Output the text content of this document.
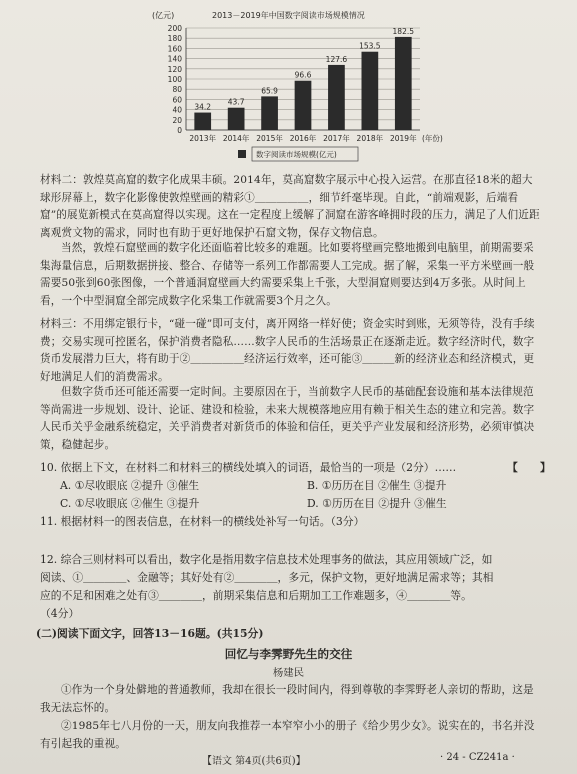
2013－2019年中国数字阅读市场规模情况
(亿元)
0
20
40
60
80
100
120
140
160
180
200
34.2
2013年
43.7
2014年
65.9
2015年
96.6
2016年
127.6
2017年
153.5
2018年
182.5
2019年 (年份)
数字阅读市场规模(亿元)
材料二：敦煌莫高窟的数字化成果丰硕。2014年，莫高窟数字展示中心投入运营。在那直径18米的超大球形屏幕上，数字化影像使敦煌壁画的精彩①＿＿＿＿＿，细节纤毫毕现。自此，“前端观影，后端看窟”的展览新模式在莫高窟得以实现。这在一定程度上缓解了洞窟在游客峰拥时段的压力，满足了人们近距离观赏文物的需求，同时也有助于更好地保护石窟文物，保存文物信息。
当然，敦煌石窟壁画的数字化还面临着比较多的难题。比如要将壁画完整地搬到电脑里，前期需要采集海量信息，后期数据拼接、整合、存储等一系列工作都需要人工完成。据了解，采集一平方米壁画一般需要50张到60张图像，一个普通洞窟壁画大约需要采集上千张，大型洞窟则要达到4万多张。从时间上看，一个中型洞窟全部完成数字化采集工作就需要3个月之久。
材料三：不用绑定银行卡，“碰一碰”即可支付，离开网络一样好使；资金实时到账，无须等待，没有手续费；交易实现可控匿名，保护消费者隐私……数字人民币的生活场景正在逐渐走近。数字经济时代，数字货币发展潜力巨大，将有助于②＿＿＿＿＿经济运行效率，还可能③＿＿＿新的经济业态和经济模式，更好地满足人们的消费需求。
但数字货币还可能还需要一定时间。主要原因在于，当前数字人民币的基础配套设施和基本法律规范等尚需进一步规划、设计、论证、建设和检验，未来大规模落地应用有赖于相关生态的建立和完善。数字人民币关乎金融系统稳定，关乎消费者对新货币的体验和信任，更关乎产业发展和经济形势，必须审慎决策，稳健起步。
10. 依据上下文，在材料二和材料三的横线处填入的词语，最恰当的一项是（2分）……	【 】
A. ①尽收眼底 ②提升 ③催生	B. ①历历在目 ②催生 ③提升
C. ①尽收眼底 ②催生 ③提升	D. ①历历在目 ②提升 ③催生
11. 根据材料一的图表信息，在材料一的横线处补写一句话。（3分）
12. 综合三则材料可以看出，数字化是指用数字信息技术处理事务的做法，其应用领域广泛，如
阅读、①＿＿＿＿、金融等；其好处有②＿＿＿＿，多元，保护文物，更好地满足需求等；其相
应的不足和困难之处有③＿＿＿＿，前期采集信息和后期加工工作难题多，④＿＿＿＿等。
（4分）
(二)阅读下面文字，回答13－16题。(共15分)
回忆与李霁野先生的交往
杨建民
①作为一个身处僻地的普通教师，我却在很长一段时间内，得到尊敬的李霁野老人亲切的帮助，这是我无法忘怀的。
②1985年七八月份的一天，朋友向我推荐一本窄窄小小的册子《给少男少女》。说实在的，书名并没有引起我的重视。
【语文 第4页(共6页)】	· 24 - CZ241a ·
